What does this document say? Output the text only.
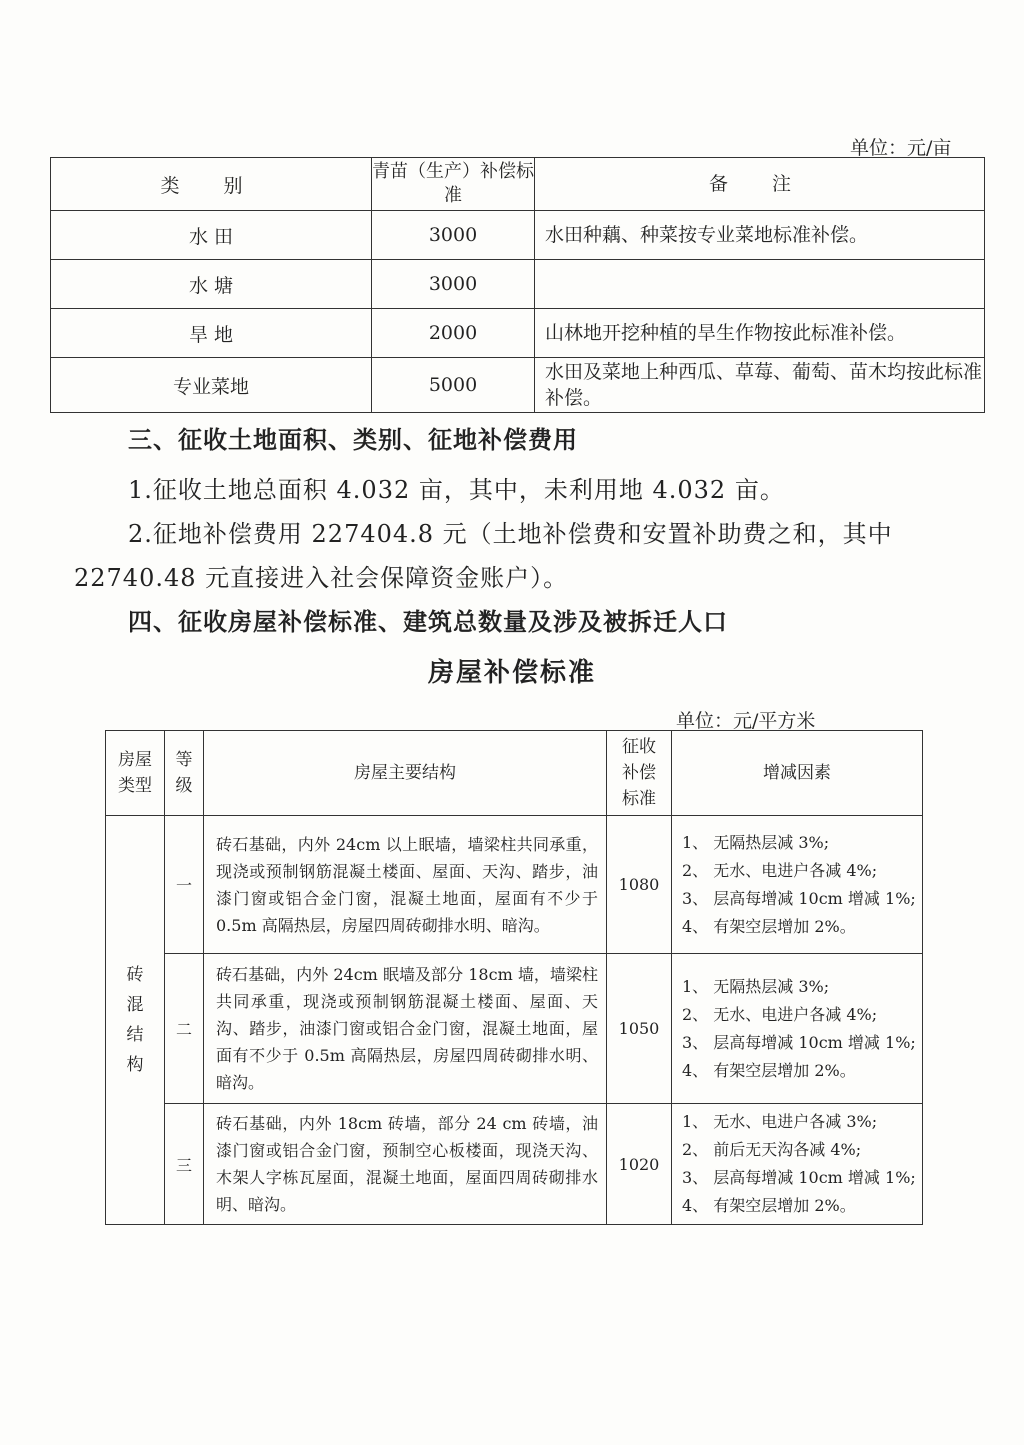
单位：元/亩
类 别	青苗（生产）补偿标准	备 注
水 田	3000	水田种藕、种菜按专业菜地标准补偿。
水 塘	3000	
旱 地	2000	山林地开挖种植的旱生作物按此标准补偿。
专业菜地	5000	水田及菜地上种西瓜、草莓、葡萄、苗木均按此标准补偿。
三、征收土地面积、类别、征地补偿费用
1.征收土地总面积 4.032 亩，其中，未利用地 4.032 亩。
2.征地补偿费用 227404.8 元（土地补偿费和安置补助费之和，其中
22740.48 元直接进入社会保障资金账户）。
四、征收房屋补偿标准、建筑总数量及涉及被拆迁人口
房屋补偿标准
单位：元/平方米
房屋类型	等级	房屋主要结构	征收补偿标准	增减因素

砖混结构	一	砖石基础，内外 24cm 以上眠墙，墙梁柱共同承重，现浇或预制钢筋混凝土楼面、屋面、天沟、踏步，油漆门窗或铝合金门窗，混凝土地面，屋面有不少于 0.5m 高隔热层，房屋四周砖砌排水明、暗沟。	1080	1、 无隔热层减 3%;
2、 无水、电进户各减 4%;
3、 层高每增减 10cm 增减 1%;
4、 有架空层增加 2%。

	二	砖石基础，内外 24cm 眠墙及部分 18cm 墙，墙梁柱共同承重，现浇或预制钢筋混凝土楼面、屋面、天沟、踏步，油漆门窗或铝合金门窗，混凝土地面，屋面有不少于 0.5m 高隔热层，房屋四周砖砌排水明、暗沟。	1050	1、 无隔热层减 3%;
2、 无水、电进户各减 4%;
3、 层高每增减 10cm 增减 1%;
4、 有架空层增加 2%。

	三	砖石基础，内外 18cm 砖墙，部分 24 cm 砖墙，油漆门窗或铝合金门窗，预制空心板楼面，现浇天沟、木架人字栋瓦屋面，混凝土地面，屋面四周砖砌排水明、暗沟。	1020	1、 无水、电进户各减 3%;
2、 前后无天沟各减 4%;
3、 层高每增减 10cm 增减 1%;
4、 有架空层增加 2%。
